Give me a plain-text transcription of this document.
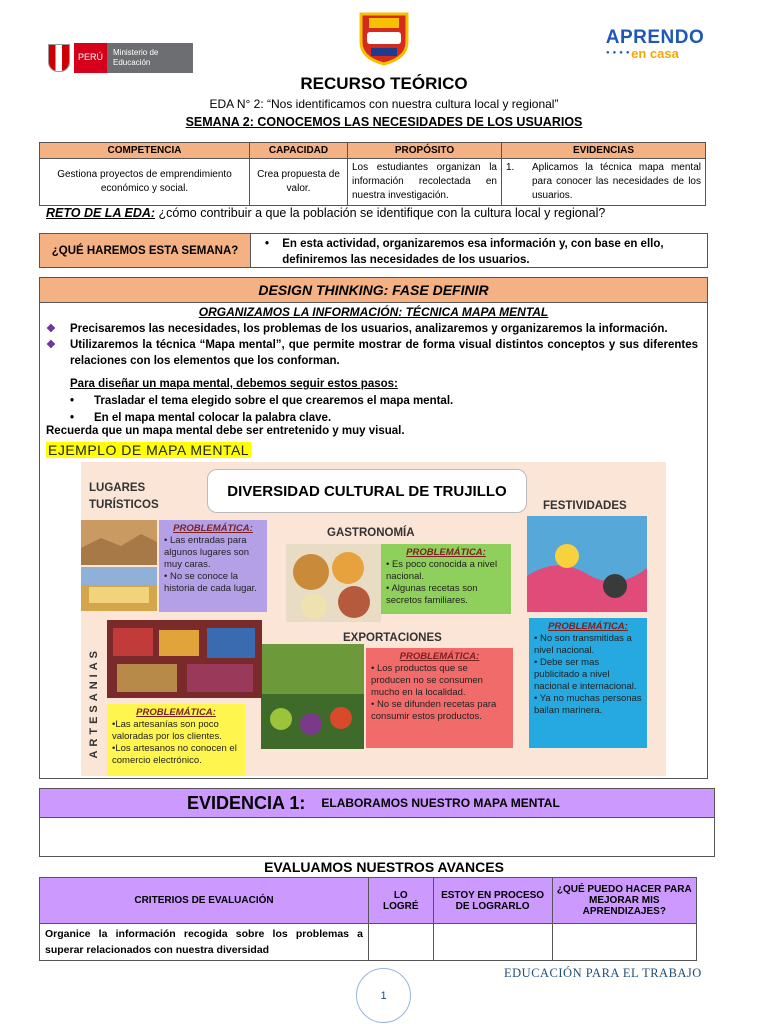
PERÚ	Ministerio de Educación
APRENDO
en casa
●●●●
RECURSO TEÓRICO
EDA N° 2: “Nos identificamos con nuestra cultura local y regional”
SEMANA 2: CONOCEMOS LAS NECESIDADES DE LOS USUARIOS
COMPETENCIA	CAPACIDAD	PROPÓSITO	EVIDENCIAS
Gestiona proyectos de emprendimiento económico y social.	Crea propuesta de valor.	Los estudiantes organizan la información recolectada en nuestra investigación.	1. Aplicamos la técnica mapa mental para conocer las necesidades de los usuarios.
RETO DE LA EDA: ¿cómo contribuir a que la población se identifique con la cultura local y regional?
¿QUÉ HAREMOS ESTA SEMANA?
•	En esta actividad, organizaremos esa información y, con base en ello, definiremos las necesidades de los usuarios.
DESIGN THINKING: FASE DEFINIR
ORGANIZAMOS LA INFORMACIÓN: TÉCNICA MAPA MENTAL
❖	Precisaremos las necesidades, los problemas de los usuarios, analizaremos y organizaremos la información.
❖	Utilizaremos la técnica “Mapa mental”, que permite mostrar de forma visual distintos conceptos y sus diferentes relaciones con los elementos que los conforman.
Para diseñar un mapa mental, debemos seguir estos pasos:
•	Trasladar el tema elegido sobre el que crearemos el mapa mental.
•	En el mapa mental colocar la palabra clave.
Recuerda que un mapa mental debe ser entretenido y muy visual.
EJEMPLO DE MAPA MENTAL
DIVERSIDAD CULTURAL DE TRUJILLO
LUGARES TURÍSTICOS
PROBLEMÁTICA:
• Las entradas para algunos lugares son muy caras.
• No se conoce la historia de cada lugar.
GASTRONOMÍA
PROBLEMÁTICA:
• Es poco conocida a nivel nacional.
• Algunas recetas son secretos familiares.
FESTIVIDADES
PROBLEMÁTICA:
• No son transmitidas a nivel nacional.
• Debe ser mas publicitado a nivel nacional e internacional.
• Ya no muchas personas bailan marinera.
EXPORTACIONES
PROBLEMÁTICA:
• Los productos que se producen no se consumen mucho en la localidad.
• No se difunden recetas para consumir estos productos.
ARTESANIAS	PROBLEMÁTICA:
•Las artesanías son poco valoradas por los clientes.
•Los artesanos no conocen el comercio electrónico.
EVIDENCIA 1: ELABORAMOS NUESTRO MAPA MENTAL
EVALUAMOS NUESTROS AVANCES
CRITERIOS DE EVALUACIÓN	LO LOGRÉ	ESTOY EN PROCESO DE LOGRARLO	¿QUÉ PUEDO HACER PARA MEJORAR MIS APRENDIZAJES?
Organice la información recogida sobre los problemas a superar relacionados con nuestra diversidad			
1
EDUCACIÓN PARA EL TRABAJO
